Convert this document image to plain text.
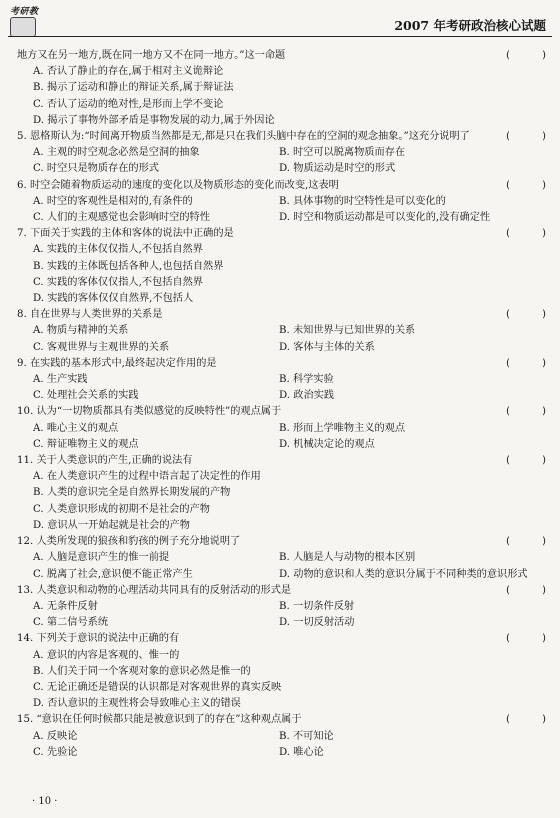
考研教
2007 年考研政治核心试题
地方又在另一地方,既在同一地方又不在同一地方。”这一命题	(	)
A. 否认了静止的存在,属于相对主义诡辩论
B. 揭示了运动和静止的辩证关系,属于辩证法
C. 否认了运动的绝对性,是形而上学不变论
D. 揭示了事物外部矛盾是事物发展的动力,属于外因论
5. 恩格斯认为:“时间离开物质当然都是无,都是只在我们头脑中存在的空洞的观念抽象。”这充分说明了	(	)
A. 主观的时空观念必然是空洞的抽象	B. 时空可以脱离物质而存在
C. 时空只是物质存在的形式	D. 物质运动是时空的形式
6. 时空会随着物质运动的速度的变化以及物质形态的变化而改变,这表明	(	)
A. 时空的客观性是相对的,有条件的	B. 具体事物的时空特性是可以变化的
C. 人们的主观感觉也会影响时空的特性	D. 时空和物质运动都是可以变化的,没有确定性
7. 下面关于实践的主体和客体的说法中正确的是	(	)
A. 实践的主体仅仅指人,不包括自然界
B. 实践的主体既包括各种人,也包括自然界
C. 实践的客体仅仅指人,不包括自然界
D. 实践的客体仅仅自然界,不包括人
8. 自在世界与人类世界的关系是	(	)
A. 物质与精神的关系	B. 未知世界与已知世界的关系
C. 客观世界与主观世界的关系	D. 客体与主体的关系
9. 在实践的基本形式中,最终起决定作用的是	(	)
A. 生产实践	B. 科学实验
C. 处理社会关系的实践	D. 政治实践
10. 认为“一切物质都具有类似感觉的反映特性”的观点属于	(	)
A. 唯心主义的观点	B. 形而上学唯物主义的观点
C. 辩证唯物主义的观点	D. 机械决定论的观点
11. 关于人类意识的产生,正确的说法有	(	)
A. 在人类意识产生的过程中语言起了决定性的作用
B. 人类的意识完全是自然界长期发展的产物
C. 人类意识形成的初期不是社会的产物
D. 意识从一开始起就是社会的产物
12. 人类所发现的狼孩和豹孩的例子充分地说明了	(	)
A. 人脑是意识产生的惟一前提	B. 人脑是人与动物的根本区别
C. 脱离了社会,意识便不能正常产生	D. 动物的意识和人类的意识分属于不同种类的意识形式
13. 人类意识和动物的心理活动共同具有的反射活动的形式是	(	)
A. 无条件反射	B. 一切条件反射
C. 第二信号系统	D. 一切反射活动
14. 下列关于意识的说法中正确的有	(	)
A. 意识的内容是客观的、惟一的
B. 人们关于同一个客观对象的意识必然是惟一的
C. 无论正确还是错误的认识都是对客观世界的真实反映
D. 否认意识的主观性将会导致唯心主义的错误
15. “意识在任何时候都只能是被意识到了的存在”这种观点属于	(	)
A. 反映论	B. 不可知论
C. 先验论	D. 唯心论
· 10 ·
